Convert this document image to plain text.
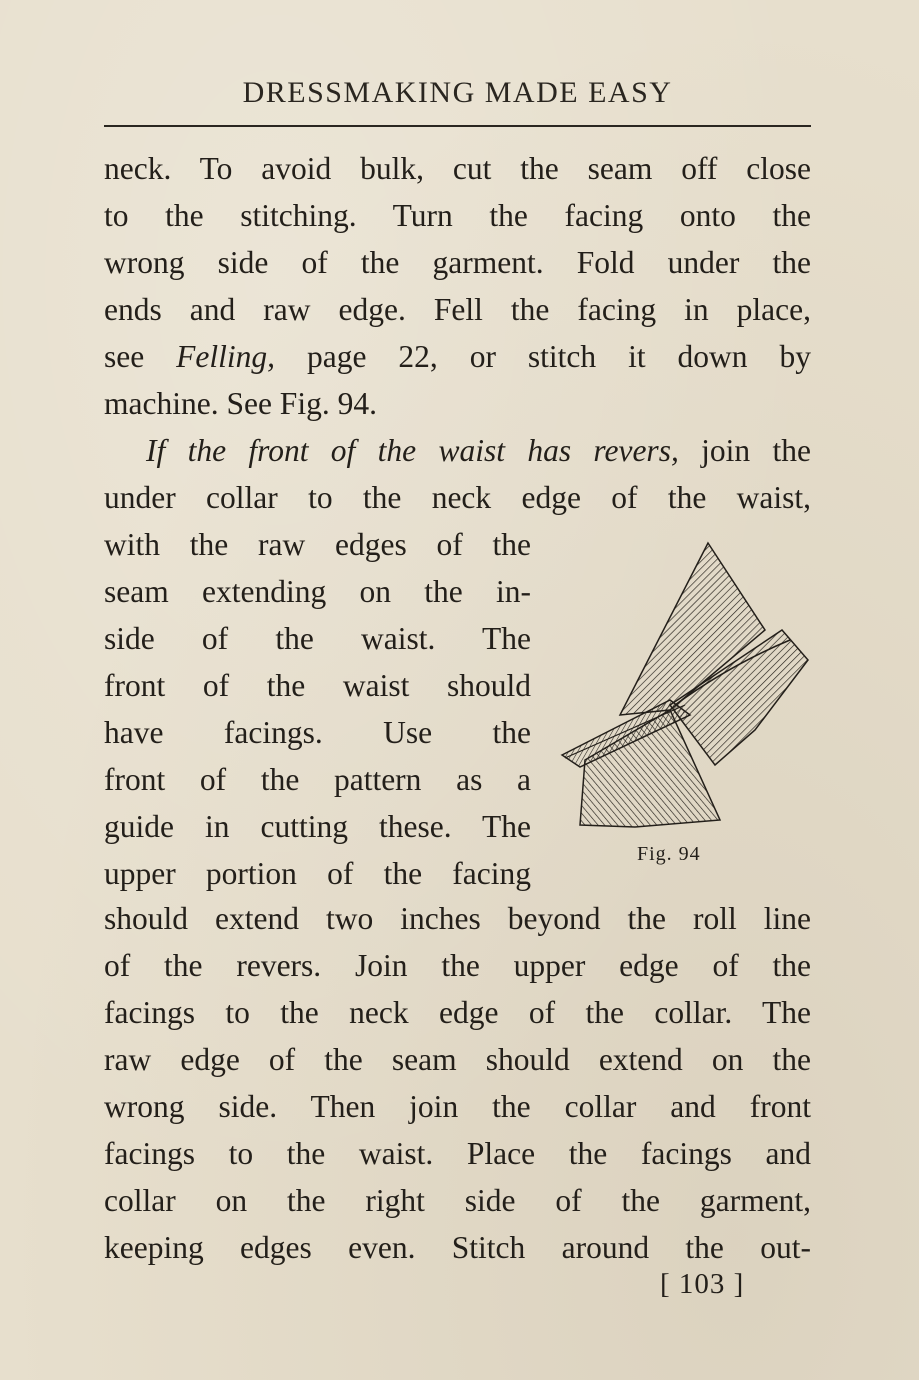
DRESSMAKING MADE EASY
neck. To avoid bulk, cut the seam off close
to the stitching. Turn the facing onto the
wrong side of the garment. Fold under the
ends and raw edge. Fell the facing in place,
see Felling, page 22, or stitch it down by
machine. See Fig. 94.
If the front of the waist has revers, join the
under collar to the neck edge of the waist,
with the raw edges of the
seam extending on the in-
side of the waist. The
front of the waist should
have facings. Use the
front of the pattern as a
guide in cutting these. The
upper portion of the facing
should extend two inches beyond the roll line
of the revers. Join the upper edge of the
facings to the neck edge of the collar. The
raw edge of the seam should extend on the
wrong side. Then join the collar and front
facings to the waist. Place the facings and
collar on the right side of the garment,
keeping edges even. Stitch around the out-
Fig. 94
[ 103 ]
